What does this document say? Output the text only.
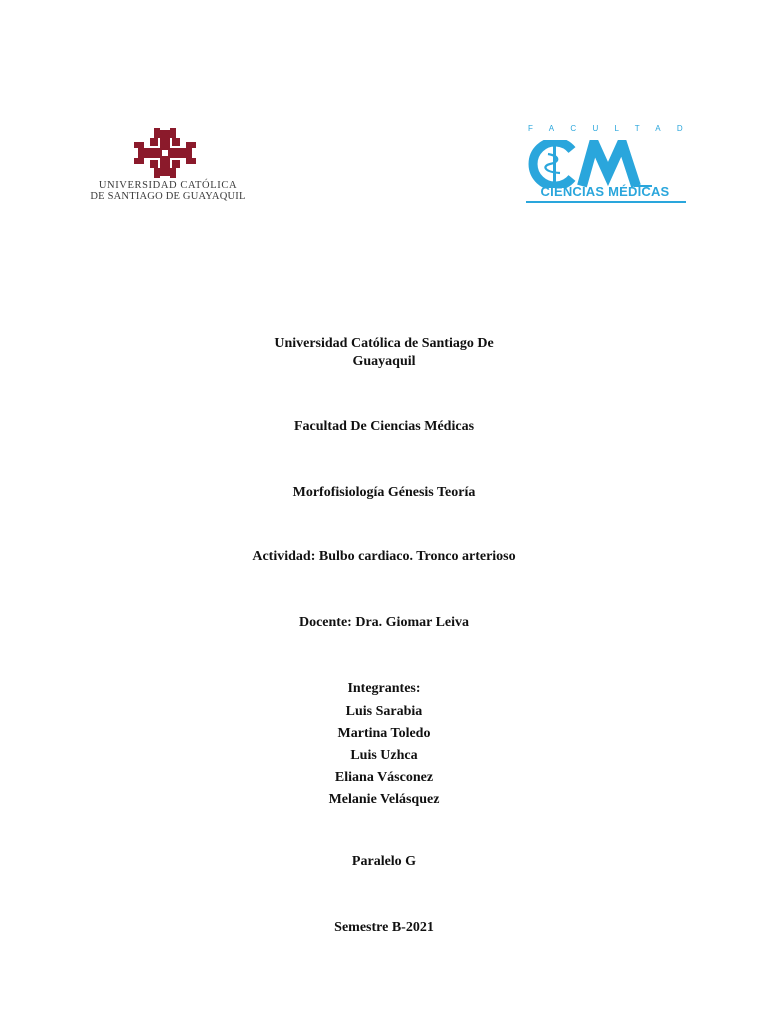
UNIVERSIDAD CATÓLICA
DE SANTIAGO DE GUAYAQUIL
FACULTAD
CIENCIAS MÉDICAS
Universidad Católica de Santiago De
Guayaquil
Facultad De Ciencias Médicas
Morfofisiología Génesis Teoría
Actividad: Bulbo cardiaco. Tronco arterioso
Docente: Dra. Giomar Leiva
Integrantes:
Luis Sarabia
Martina Toledo
Luis Uzhca
Eliana Vásconez
Melanie Velásquez
Paralelo G
Semestre B-2021
